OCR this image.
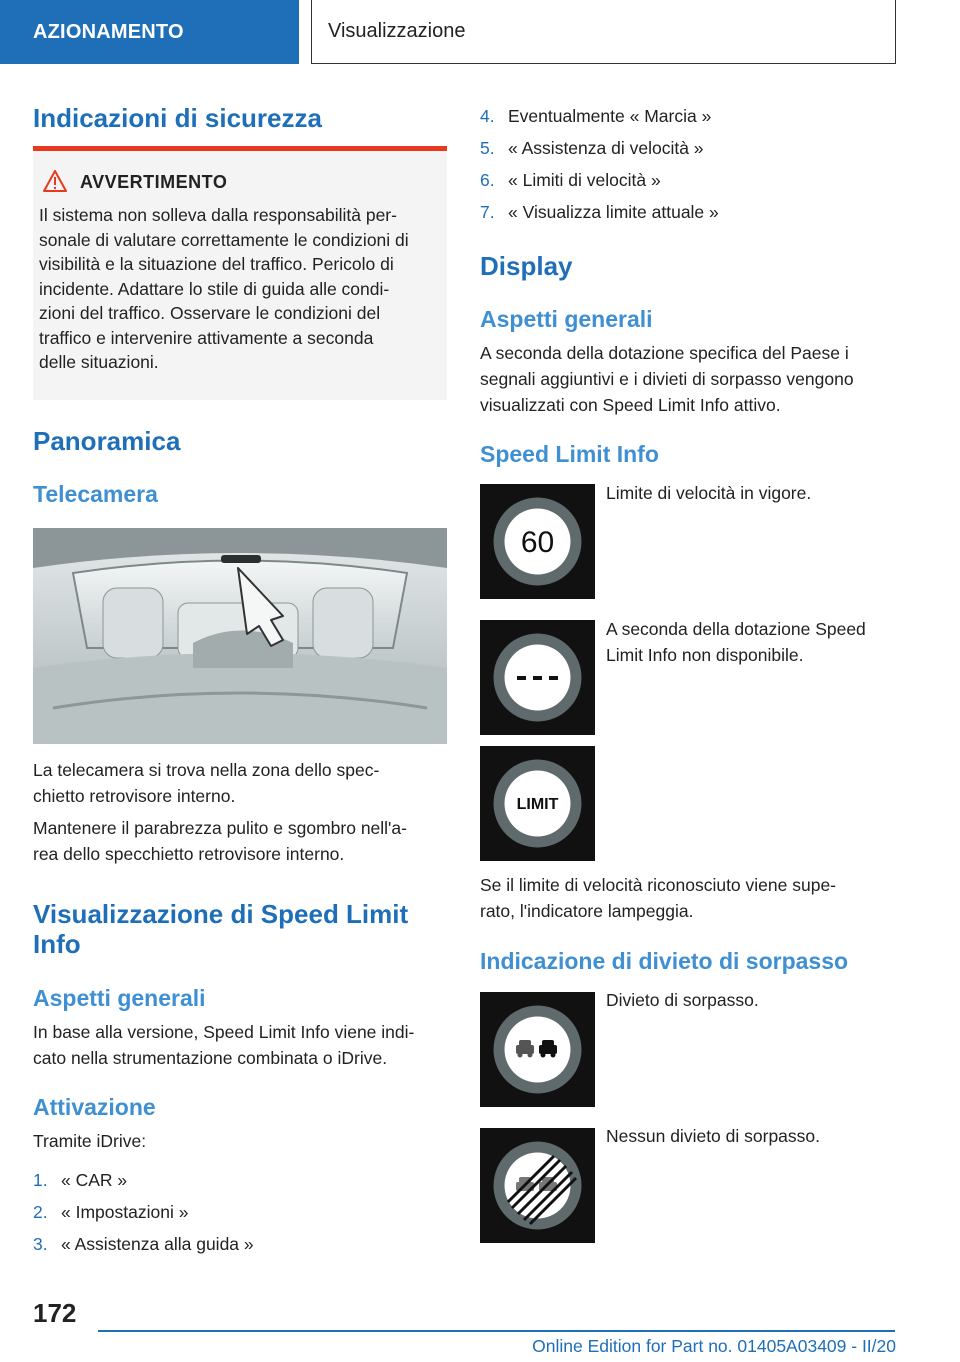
AZIONAMENTO	Visualizzazione
Indicazioni di sicurezza
AVVERTIMENTO
Il sistema non solleva dalla responsabilità per-
sonale di valutare correttamente le condizioni di
visibilità e la situazione del traffico. Pericolo di
incidente. Adattare lo stile di guida alle condi-
zioni del traffico. Osservare le condizioni del
traffico e intervenire attivamente a seconda
delle situazioni.
Panoramica
Telecamera
La telecamera si trova nella zona dello spec-
chietto retrovisore interno.
Mantenere il parabrezza pulito e sgombro nell'a-
rea dello specchietto retrovisore interno.
Visualizzazione di Speed Limit
Info
Aspetti generali
In base alla versione, Speed Limit Info viene indi-
cato nella strumentazione combinata o iDrive.
Attivazione
Tramite iDrive:
1. « CAR »
2. « Impostazioni »
3. « Assistenza alla guida »
4. Eventualmente « Marcia »
5. « Assistenza di velocità »
6. « Limiti di velocità »
7. « Visualizza limite attuale »
Display
Aspetti generali
A seconda della dotazione specifica del Paese i
segnali aggiuntivi e i divieti di sorpasso vengono
visualizzati con Speed Limit Info attivo.
Speed Limit Info
60
Limite di velocità in vigore.
A seconda della dotazione Speed
Limit Info non disponibile.
LIMIT
Se il limite di velocità riconosciuto viene supe-
rato, l'indicatore lampeggia.
Indicazione di divieto di sorpasso
Divieto di sorpasso.
Nessun divieto di sorpasso.
172
Online Edition for Part no. 01405A03409 - II/20
